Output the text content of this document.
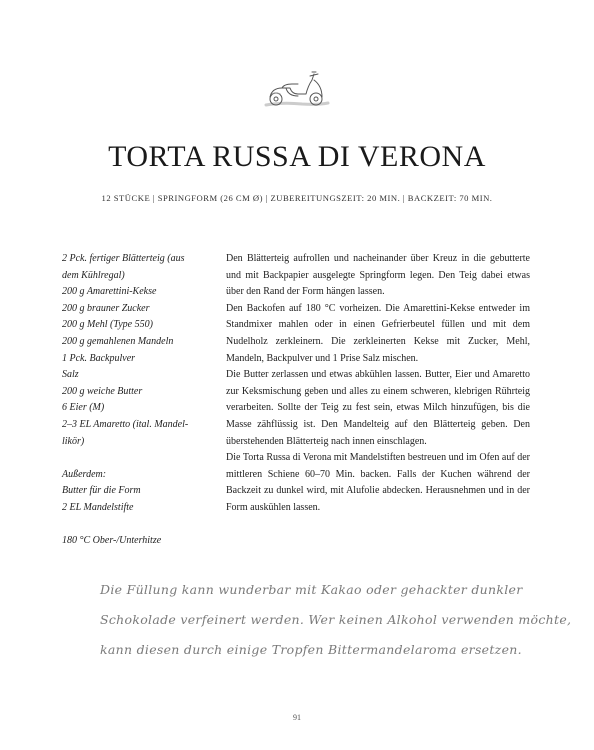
TORTA RUSSA DI VERONA
12 STÜCKE | SPRINGFORM (26 CM Ø) | ZUBEREITUNGSZEIT: 20 MIN. | BACKZEIT: 70 MIN.
2 Pck. fertiger Blätterteig (aus
dem Kühlregal)
200 g Amarettini-Kekse
200 g brauner Zucker
200 g Mehl (Type 550)
200 g gemahlenen Mandeln
1 Pck. Backpulver
Salz
200 g weiche Butter
6 Eier (M)
2–3 EL Amaretto (ital. Mandel-
likör)
Außerdem:
Butter für die Form
2 EL Mandelstifte
180 °C Ober-/Unterhitze

Den Blätterteig aufrollen und nacheinander über Kreuz in die gebutterte und mit Backpapier ausgelegte Springform legen. Den Teig dabei etwas über den Rand der Form hängen lassen.

Den Backofen auf 180 °C vorheizen. Die Amarettini-Kekse entweder im Standmixer mahlen oder in einen Gefrierbeutel füllen und mit dem Nudelholz zerkleinern. Die zerkleinerten Kekse mit Zucker, Mehl, Mandeln, Backpulver und 1 Prise Salz mischen.

Die Butter zerlassen und etwas abkühlen lassen. Butter, Eier und Amaretto zur Keksmischung geben und alles zu einem schweren, klebrigen Rührteig verarbeiten. Sollte der Teig zu fest sein, etwas Milch hinzufügen, bis die Masse zähflüssig ist. Den Mandelteig auf den Blätterteig geben. Den überstehenden Blätterteig nach innen einschlagen.

Die Torta Russa di Verona mit Mandelstiften bestreuen und im Ofen auf der mittleren Schiene 60–70 Min. backen. Falls der Kuchen während der Backzeit zu dunkel wird, mit Alufolie abdecken. Herausnehmen und in der Form auskühlen lassen.

Die Füllung kann wunderbar mit Kakao oder gehackter dunkler
Schokolade verfeinert werden. Wer keinen Alkohol verwenden möchte,
kann diesen durch einige Tropfen Bittermandelaroma ersetzen.
91
